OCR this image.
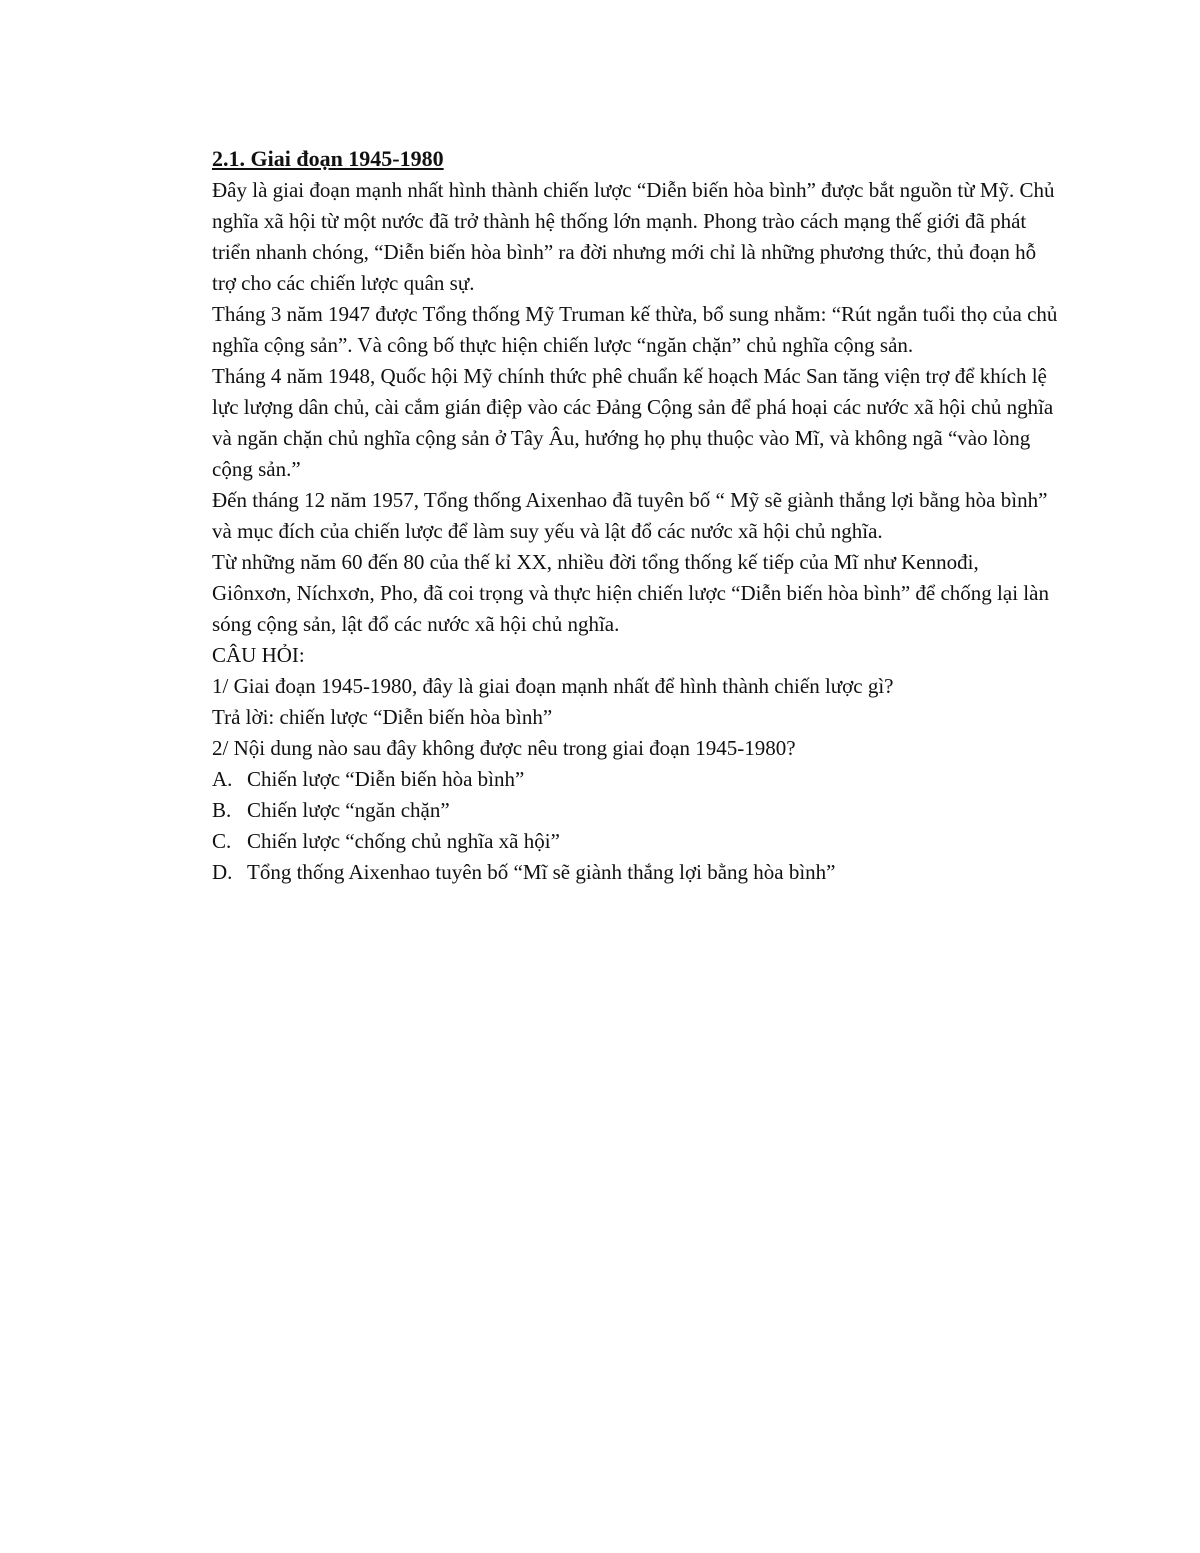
2.1. Giai đoạn 1945-1980

Đây là giai đoạn mạnh nhất hình thành chiến lược “Diễn biến hòa bình” được bắt nguồn từ Mỹ. Chủ nghĩa xã hội từ một nước đã trở thành hệ thống lớn mạnh. Phong trào cách mạng thế giới đã phát triển nhanh chóng, “Diễn biến hòa bình” ra đời nhưng mới chỉ là những phương thức, thủ đoạn hỗ trợ cho các chiến lược quân sự.

Tháng 3 năm 1947 được Tổng thống Mỹ Truman kế thừa, bổ sung nhằm: “Rút ngắn tuổi thọ của chủ nghĩa cộng sản”. Và công bố thực hiện chiến lược “ngăn chặn” chủ nghĩa cộng sản.

Tháng 4 năm 1948, Quốc hội Mỹ chính thức phê chuẩn kế hoạch Mác San tăng viện trợ để khích lệ lực lượng dân chủ, cài cắm gián điệp vào các Đảng Cộng sản để phá hoại các nước xã hội chủ nghĩa và ngăn chặn chủ nghĩa cộng sản ở Tây Âu, hướng họ phụ thuộc vào Mĩ, và không ngã “vào lòng cộng sản.”

Đến tháng 12 năm 1957, Tổng thống Aixenhao đã tuyên bố “ Mỹ sẽ giành thắng lợi bằng hòa bình” và mục đích của chiến lược để làm suy yếu và lật đổ các nước xã hội chủ nghĩa.

Từ những năm 60 đến 80 của thế kỉ XX, nhiều đời tổng thống kế tiếp của Mĩ như Kennođi, Giônxơn, Níchxơn, Pho, đã coi trọng và thực hiện chiến lược “Diễn biến hòa bình” để chống lại làn sóng cộng sản, lật đổ các nước xã hội chủ nghĩa.

CÂU HỎI:

1/ Giai đoạn 1945-1980, đây là giai đoạn mạnh nhất để hình thành chiến lược gì?

Trả lời: chiến lược “Diễn biến hòa bình”

2/ Nội dung nào sau đây không được nêu trong giai đoạn 1945-1980?

A. Chiến lược “Diễn biến hòa bình”
B. Chiến lược “ngăn chặn”
C. Chiến lược “chống chủ nghĩa xã hội”
D. Tổng thống Aixenhao tuyên bố “Mĩ sẽ giành thắng lợi bằng hòa bình”
